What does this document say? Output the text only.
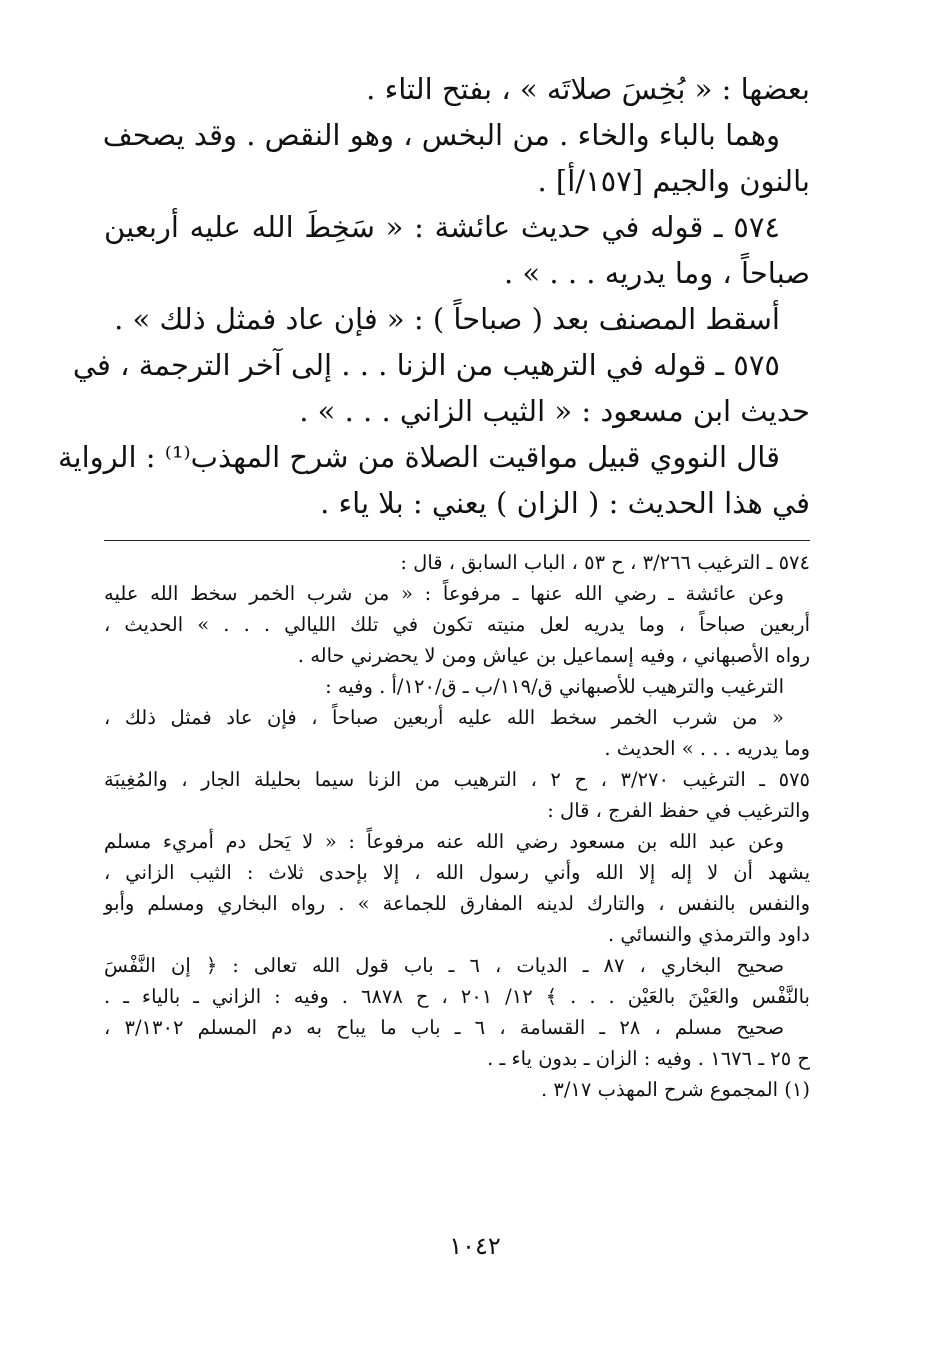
بعضها : « بُخِسَ صلاتَه » ، بفتح التاء .
وهما بالباء والخاء . من البخس ، وهو النقص . وقد يصحف
بالنون والجيم [١٥٧/أ] .
٥٧٤ ـ قوله في حديث عائشة : « سَخِطَ الله عليه أربعين
صباحاً ، وما يدريه . . . » .
أسقط المصنف بعد ( صباحاً ) : « فإن عاد فمثل ذلك » .
٥٧٥ ـ قوله في الترهيب من الزنا . . . إلى آخر الترجمة ، في
حديث ابن مسعود : « الثيب الزاني . . . » .
قال النووي قبيل مواقيت الصلاة من شرح المهذب⁽¹⁾ : الرواية
في هذا الحديث : ( الزان ) يعني : بلا ياء .
٥٧٤ ـ الترغيب ٣/٢٦٦ ، ح ٥٣ ، الباب السابق ، قال :
وعن عائشة ـ رضي الله عنها ـ مرفوعاً : « من شرب الخمر سخط الله عليه
أربعين صباحاً ، وما يدريه لعل منيته تكون في تلك الليالي . . . » الحديث ،
رواه الأصبهاني ، وفيه إسماعيل بن عياش ومن لا يحضرني حاله .
الترغيب والترهيب للأصبهاني ق/١١٩/ب ـ ق/١٢٠/أ . وفيه :
« من شرب الخمر سخط الله عليه أربعين صباحاً ، فإن عاد فمثل ذلك ،
وما يدريه . . . » الحديث .
٥٧٥ ـ الترغيب ٣/٢٧٠ ، ح ٢ ، الترهيب من الزنا سيما بحليلة الجار ، والمُغِيبَة
والترغيب في حفظ الفرج ، قال :
وعن عبد الله بن مسعود رضي الله عنه مرفوعاً : « لا يَحل دم أمريء مسلم
يشهد أن لا إله إلا الله وأني رسول الله ، إلا بإحدى ثلاث : الثيب الزاني ،
والنفس بالنفس ، والتارك لدينه المفارق للجماعة » . رواه البخاري ومسلم وأبو
داود والترمذي والنسائي .
صحيح البخاري ، ٨٧ ـ الديات ، ٦ ـ باب قول الله تعالى : ﴿ إن النَّفْسَ
بالنَّفْس والعَيْنَ بالعَيْن . . . ﴾ ١٢/ ٢٠١ ، ح ٦٨٧٨ . وفيه : الزاني ـ بالياء ـ .
صحيح مسلم ، ٢٨ ـ القسامة ، ٦ ـ باب ما يباح به دم المسلم ٣/١٣٠٢ ،
ح ٢٥ ـ ١٦٧٦ . وفيه : الزان ـ بدون ياء ـ .
(١) المجموع شرح المهذب ٣/١٧ .
١٠٤٢
